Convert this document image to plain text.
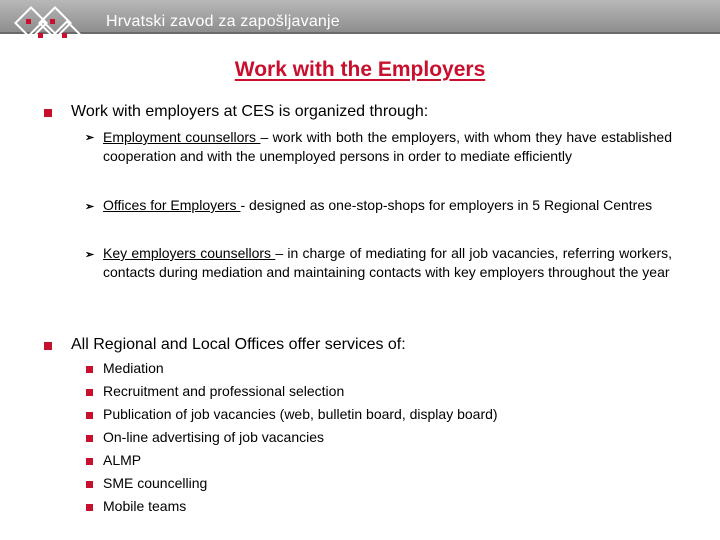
Hrvatski zavod za zapošljavanje
Work with the Employers
Work with employers at CES is organized through:
➢ Employment counsellors – work with both the employers, with whom they have established cooperation and with the unemployed persons in order to mediate efficiently
➢ Offices for Employers - designed as one-stop-shops for employers in 5 Regional Centres
➢ Key employers counsellors – in charge of mediating for all job vacancies, referring workers, contacts during mediation and maintaining contacts with key employers throughout the year
All Regional and Local Offices offer services of:
Mediation
Recruitment and professional selection
Publication of job vacancies (web, bulletin board, display board)
On-line advertising of job vacancies
ALMP
SME councelling
Mobile teams
